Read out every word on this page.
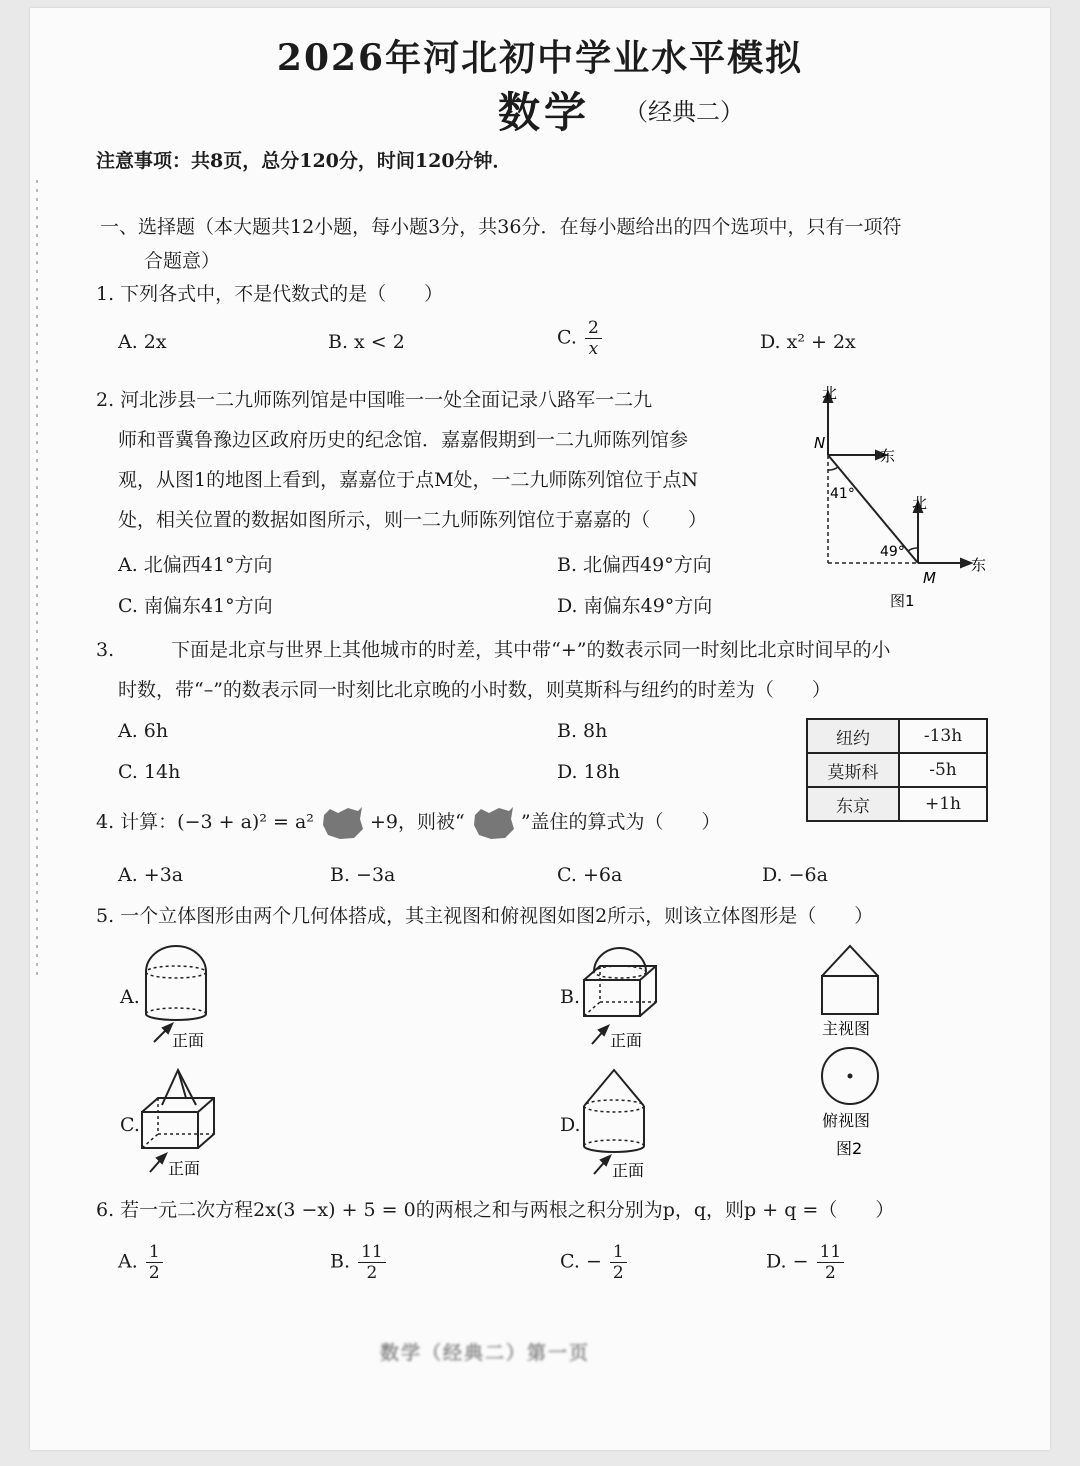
2026年河北初中学业水平模拟
数学 （经典二）
注意事项：共8页，总分120分，时间120分钟．
一、选择题（本大题共12小题，每小题3分，共36分．在每小题给出的四个选项中，只有一项符
合题意）
1. 下列各式中，不是代数式的是（　　）
A. 2x	B. x < 2	C. $\frac{2}{x}$	D. x² + 2x
2. 河北涉县一二九师陈列馆是中国唯一一处全面记录八路军一二九
师和晋冀鲁豫边区政府历史的纪念馆．嘉嘉假期到一二九师陈列馆参
观，从图1的地图上看到，嘉嘉位于点M处，一二九师陈列馆位于点N
处，相关位置的数据如图所示，则一二九师陈列馆位于嘉嘉的（　　）
A. 北偏西41°方向	B. 北偏西49°方向
C. 南偏东41°方向	D. 南偏东49°方向
北
东
N
41°	北
49°
M
东
图1
3.　　　下面是北京与世界上其他城市的时差，其中带“+”的数表示同一时刻比北京时间早的小
时数，带“–”的数表示同一时刻比北京晚的小时数，则莫斯科与纽约的时差为（　　）
A. 6h	B. 8h
C. 14h	D. 18h
纽约	-13h
莫斯科	-5h
东京	+1h
4. 计算：(−3 + a)² = a²	+9，则被“	”盖住的算式为（　　）
A. +3a	B. −3a	C. +6a	D. −6a
5. 一个立体图形由两个几何体搭成，其主视图和俯视图如图2所示，则该立体图形是（　　）
A.
正面
B.
正面
C.
正面
D.
正面
主视图
俯视图
图2
6. 若一元二次方程2x(3 −x) + 5 = 0的两根之和与两根之积分别为p，q，则p + q =（　　）
A. $\frac{1}{2}$	B. $\frac{11}{2}$	C. − $\frac{1}{2}$	D. − $\frac{11}{2}$
数学（经典二）第一页
